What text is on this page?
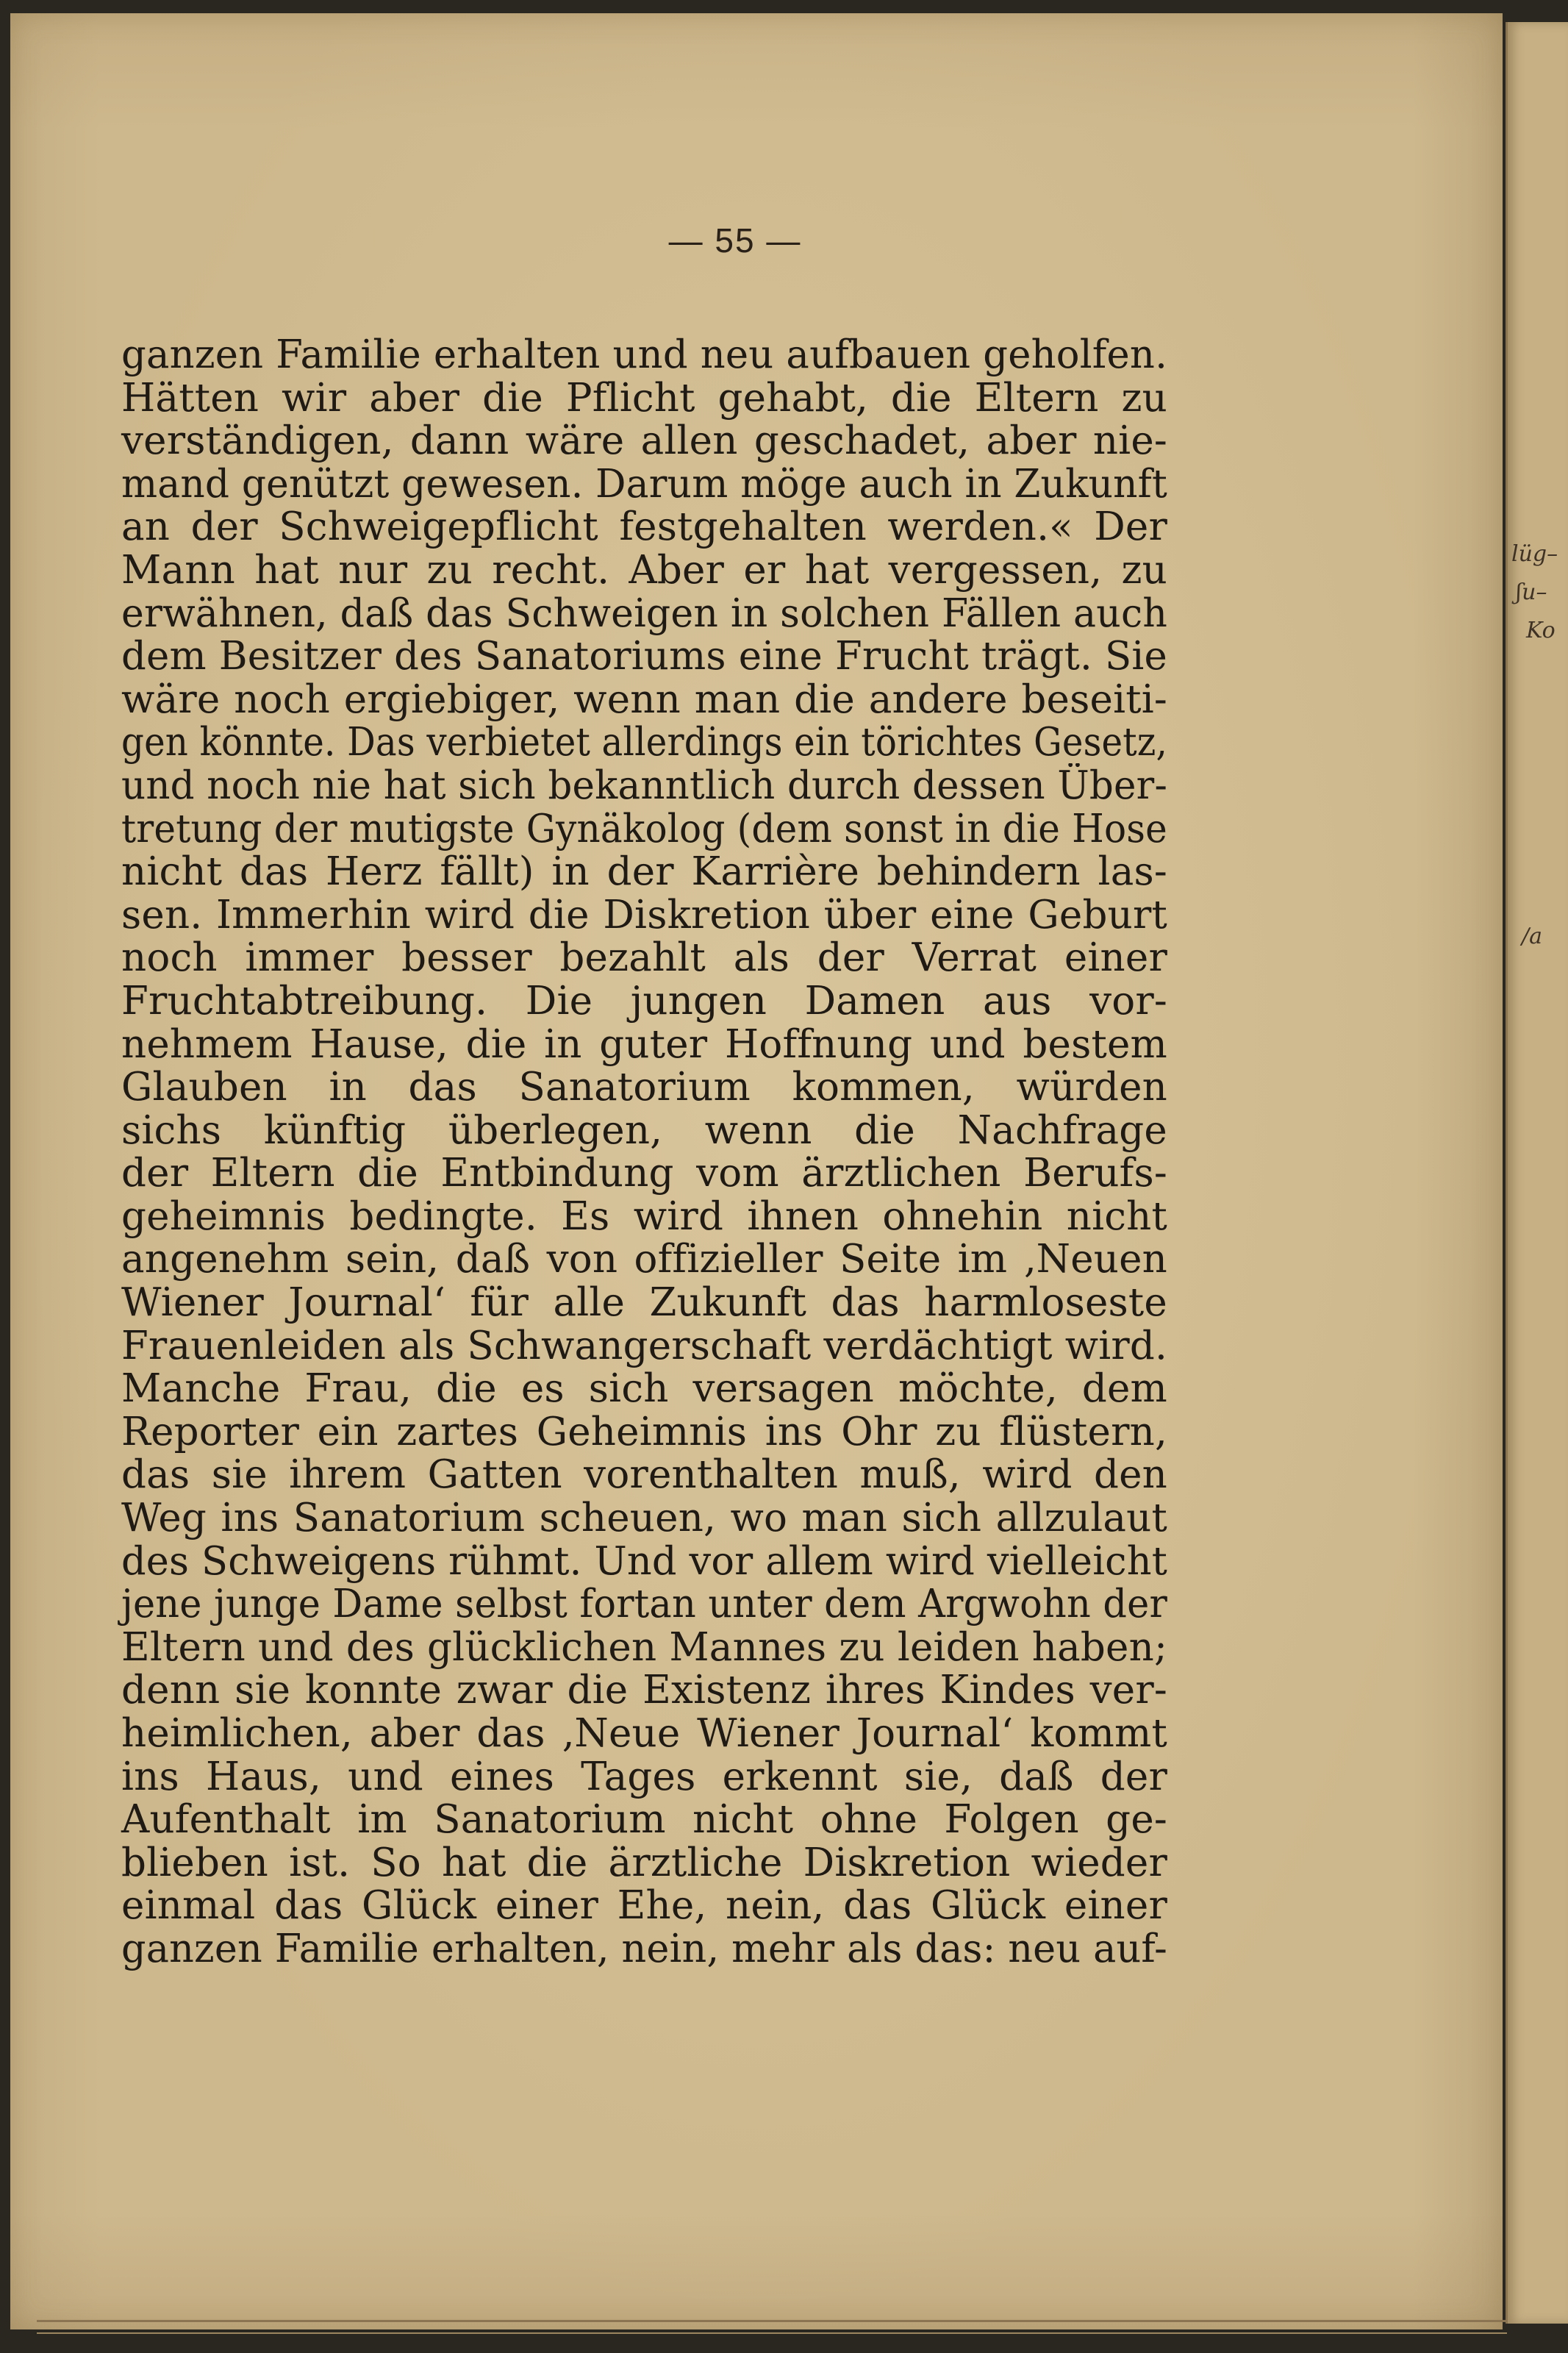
— 55 —
ganzen Familie erhalten und neu aufbauen geholfen.
Hätten wir aber die Pflicht gehabt, die Eltern zu
verständigen, dann wäre allen geschadet, aber nie-
mand genützt gewesen. Darum möge auch in Zukunft
an der Schweigepflicht festgehalten werden.« Der
Mann hat nur zu recht. Aber er hat vergessen, zu
erwähnen, daß das Schweigen in solchen Fällen auch
dem Besitzer des Sanatoriums eine Frucht trägt. Sie
wäre noch ergiebiger, wenn man die andere beseiti-
gen könnte. Das verbietet allerdings ein törichtes Gesetz,
und noch nie hat sich bekanntlich durch dessen Über-
tretung der mutigste Gynäkolog (dem sonst in die Hose
nicht das Herz fällt) in der Karrière behindern las-
sen. Immerhin wird die Diskretion über eine Geburt
noch immer besser bezahlt als der Verrat einer
Fruchtabtreibung. Die jungen Damen aus vor-
nehmem Hause, die in guter Hoffnung und bestem
Glauben in das Sanatorium kommen, würden
sichs künftig überlegen, wenn die Nachfrage
der Eltern die Entbindung vom ärztlichen Berufs-
geheimnis bedingte. Es wird ihnen ohnehin nicht
angenehm sein, daß von offizieller Seite im ‚Neuen
Wiener Journal‘ für alle Zukunft das harmloseste
Frauenleiden als Schwangerschaft verdächtigt wird.
Manche Frau, die es sich versagen möchte, dem
Reporter ein zartes Geheimnis ins Ohr zu flüstern,
das sie ihrem Gatten vorenthalten muß, wird den
Weg ins Sanatorium scheuen, wo man sich allzulaut
des Schweigens rühmt. Und vor allem wird vielleicht
jene junge Dame selbst fortan unter dem Argwohn der
Eltern und des glücklichen Mannes zu leiden haben;
denn sie konnte zwar die Existenz ihres Kindes ver-
heimlichen, aber das ‚Neue Wiener Journal‘ kommt
ins Haus, und eines Tages erkennt sie, daß der
Aufenthalt im Sanatorium nicht ohne Folgen ge-
blieben ist. So hat die ärztliche Diskretion wieder
einmal das Glück einer Ehe, nein, das Glück einer
ganzen Familie erhalten, nein, mehr als das: neu auf-
lüg–
ʃu–
Ko
/a
